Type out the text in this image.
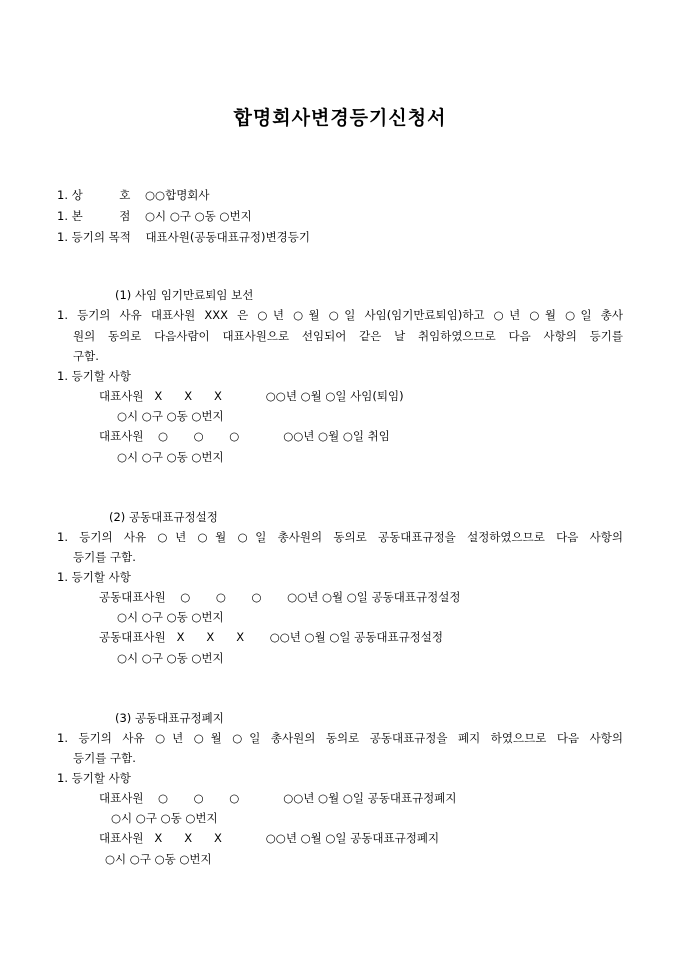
합명회사변경등기신청서
1. 상          호    ○○합명회사
1. 본          점    ○시 ○구 ○동 ○번지
1. 등기의 목적    대표사원(공동대표규정)변경등기
(1) 사임 임기만료퇴임 보선
1. 등기의 사유 대표사원 XXX 은 ○년 ○월 ○일 사임(임기만료퇴임)하고 ○년 ○월 ○일 총사
원의 동의로 다음사람이 대표사원으로 선임되어 같은 날 취임하였으므로 다음 사항의 등기를
구함.
1. 등기할 사항
대표사원   X      X      X            ○○년 ○월 ○일 사임(퇴임)
○시 ○구 ○동 ○번지
대표사원    ○       ○       ○            ○○년 ○월 ○일 취임
○시 ○구 ○동 ○번지
(2) 공동대표규정설정
1. 등기의 사유 ○년 ○월 ○일 총사원의 동의로 공동대표규정을 설정하였으므로 다음 사항의
등기를 구함.
1. 등기할 사항
공동대표사원    ○       ○       ○       ○○년 ○월 ○일 공동대표규정설정
○시 ○구 ○동 ○번지
공동대표사원   X      X      X       ○○년 ○월 ○일 공동대표규정설정
○시 ○구 ○동 ○번지
(3) 공동대표규정폐지
1. 등기의 사유 ○년 ○월 ○일 총사원의 동의로 공동대표규정을 폐지 하였으므로 다음 사항의
등기를 구함.
1. 등기할 사항
대표사원    ○       ○       ○            ○○년 ○월 ○일 공동대표규정폐지
○시 ○구 ○동 ○번지
대표사원   X      X      X            ○○년 ○월 ○일 공동대표규정폐지
○시 ○구 ○동 ○번지
